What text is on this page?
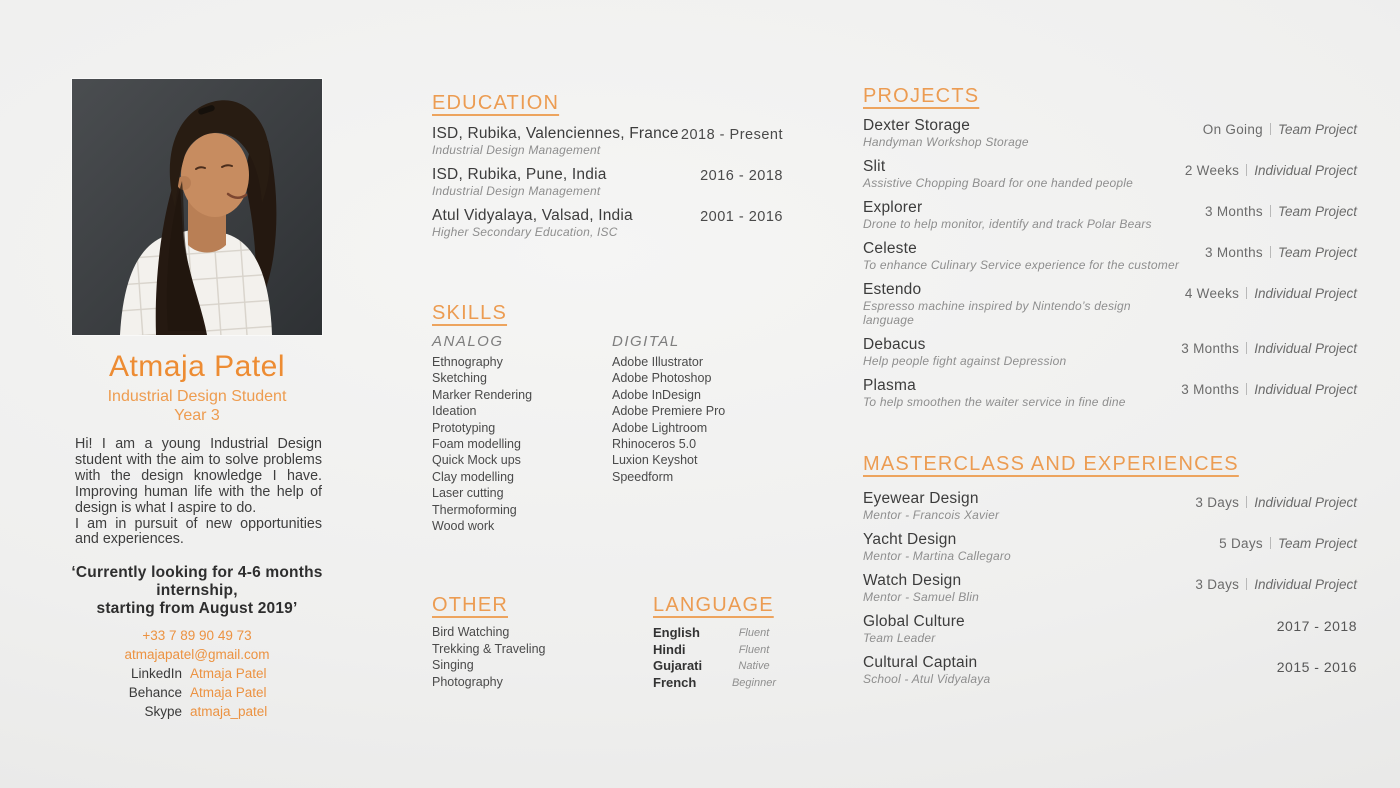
Atmaja Patel
Industrial Design Student
Year 3

Hi! I am a young Industrial Design student with the aim to solve problems with the design knowledge I have. Improving human life with the help of design is what I aspire to do.

I am in pursuit of new opportunities and experiences.

‘Currently looking for 4-6 months internship,
starting from August 2019’
+33 7 89 90 49 73
atmajapatel@gmail.com
LinkedIn Atmaja Patel
Behance Atmaja Patel
Skype atmaja_patel
EDUCATION
ISD, Rubika, Valenciennes, France
Industrial Design Management
2018 - Present
ISD, Rubika, Pune, India
Industrial Design Management
2016 - 2018
Atul Vidyalaya, Valsad, India
Higher Secondary Education, ISC
2001 - 2016
SKILLS
ANALOG
Ethnography
Sketching
Marker Rendering
Ideation
Prototyping
Foam modelling
Quick Mock ups
Clay modelling
Laser cutting
Thermoforming
Wood work
DIGITAL
Adobe Illustrator
Adobe Photoshop
Adobe InDesign
Adobe Premiere Pro
Adobe Lightroom
Rhinoceros 5.0
Luxion Keyshot
Speedform
OTHER
Bird Watching
Trekking & Traveling
Singing
Photography
LANGUAGE
English	Fluent
Hindi	Fluent
Gujarati	Native
French	Beginner
PROJECTS
Dexter Storage
Handyman Workshop Storage
On Going Team Project
Slit
Assistive Chopping Board for one handed people
2 Weeks Individual Project
Explorer
Drone to help monitor, identify and track Polar Bears
3 Months Team Project
Celeste
To enhance Culinary Service experience for the customer
3 Months Team Project
Estendo
Espresso machine inspired by Nintendo’s design language
4 Weeks Individual Project
Debacus
Help people fight against Depression
3 Months Individual Project
Plasma
To help smoothen the waiter service in fine dine
3 Months Individual Project
MASTERCLASS AND EXPERIENCES
Eyewear Design
Mentor - Francois Xavier
3 Days Individual Project
Yacht Design
Mentor - Martina Callegaro
5 Days Team Project
Watch Design
Mentor - Samuel Blin
3 Days Individual Project
Global Culture
Team Leader
2017 - 2018
Cultural Captain
School - Atul Vidyalaya
2015 - 2016
